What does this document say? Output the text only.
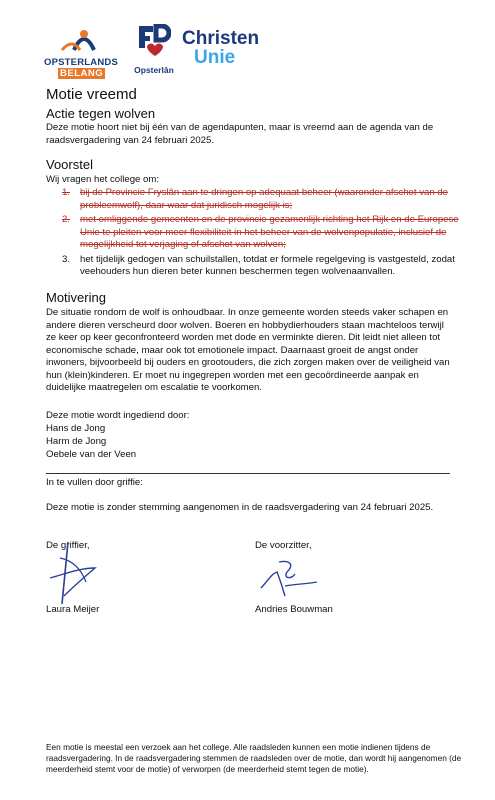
OPSTERLANDS
BELANG	Opsterlân
Christen
Unie
Motie vreemd
Actie tegen wolven
Deze motie hoort niet bij één van de agendapunten, maar is vreemd aan de agenda van de raadsvergadering van 24 februari 2025.
Voorstel
Wij vragen het college om:
1.	bij de Provincie Fryslân aan te dringen op adequaat beheer (waaronder afschot van de probleemwolf), daar waar dat juridisch mogelijk is;
2.	met omliggende gemeenten en de provincie gezamenlijk richting het Rijk en de Europese Unie te pleiten voor meer flexibiliteit in het beheer van de wolvenpopulatie, inclusief de mogelijkheid tot verjaging of afschot van wolven;
3.	het tijdelijk gedogen van schuilstallen, totdat er formele regelgeving is vastgesteld, zodat veehouders hun dieren beter kunnen beschermen tegen wolvenaanvallen.
Motivering
De situatie rondom de wolf is onhoudbaar. In onze gemeente worden steeds vaker schapen en andere dieren verscheurd door wolven. Boeren en hobbydierhouders staan machteloos terwijl ze keer op keer geconfronteerd worden met dode en verminkte dieren. Dit leidt niet alleen tot economische schade, maar ook tot emotionele impact. Daarnaast groeit de angst onder inwoners, bijvoorbeeld bij ouders en grootouders, die zich zorgen maken over de veiligheid van hun (klein)kinderen. Er moet nu ingegrepen worden met een gecoördineerde aanpak en duidelijke maatregelen om escalatie te voorkomen.
Deze motie wordt ingediend door:
Hans de Jong
Harm de Jong
Oebele van der Veen
In te vullen door griffie:
Deze motie is zonder stemming aangenomen in de raadsvergadering van 24 februari 2025.
De griffier,
Laura Meijer
De voorzitter,
Andries Bouwman
Een motie is meestal een verzoek aan het college. Alle raadsleden kunnen een motie indienen tijdens de raadsvergadering. In de raadsvergadering stemmen de raadsleden over de motie, dan wordt hij aangenomen (de meerderheid stemt voor de motie) of verworpen (de meerderheid stemt tegen de motie).
